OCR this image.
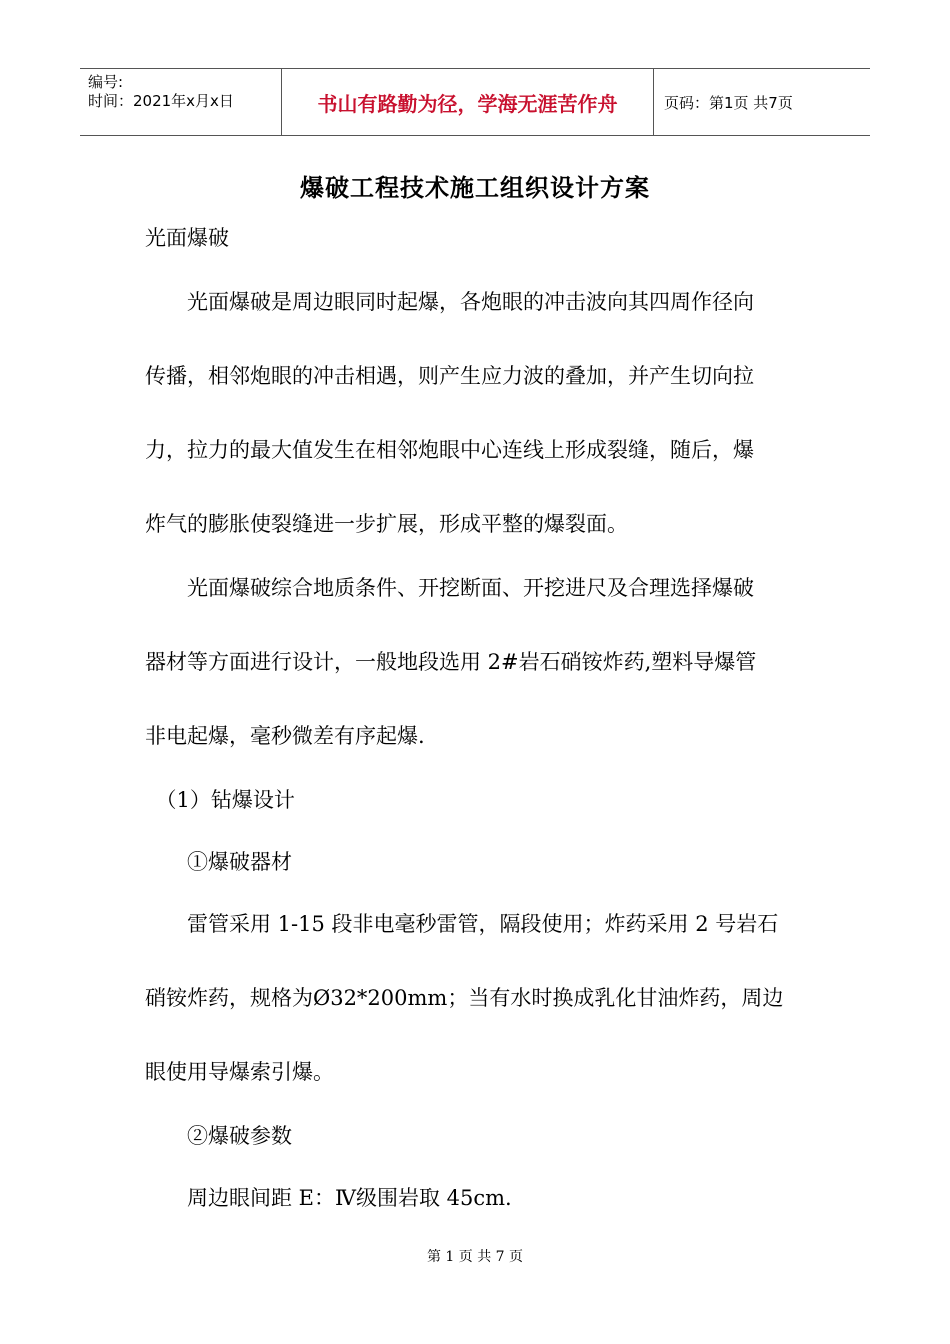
编号:
时间：2021年x月x日	书山有路勤为径，学海无涯苦作舟	页码：第1页 共7页
爆破工程技术施工组织设计方案
光面爆破
　　光面爆破是周边眼同时起爆，各炮眼的冲击波向其四周作径向
传播，相邻炮眼的冲击相遇，则产生应力波的叠加，并产生切向拉
力，拉力的最大值发生在相邻炮眼中心连线上形成裂缝，随后，爆
炸气的膨胀使裂缝进一步扩展，形成平整的爆裂面。
　　光面爆破综合地质条件、开挖断面、开挖进尺及合理选择爆破
器材等方面进行设计，一般地段选用 2#岩石硝铵炸药,塑料导爆管
非电起爆，毫秒微差有序起爆.
　（1）钻爆设计
　　①爆破器材
　　雷管采用 1-15 段非电毫秒雷管，隔段使用；炸药采用 2 号岩石
硝铵炸药，规格为Ø32*200mm；当有水时换成乳化甘油炸药，周边
眼使用导爆索引爆。
　　②爆破参数
　　周边眼间距 E：Ⅳ级围岩取 45cm.
第 1 页 共 7 页
